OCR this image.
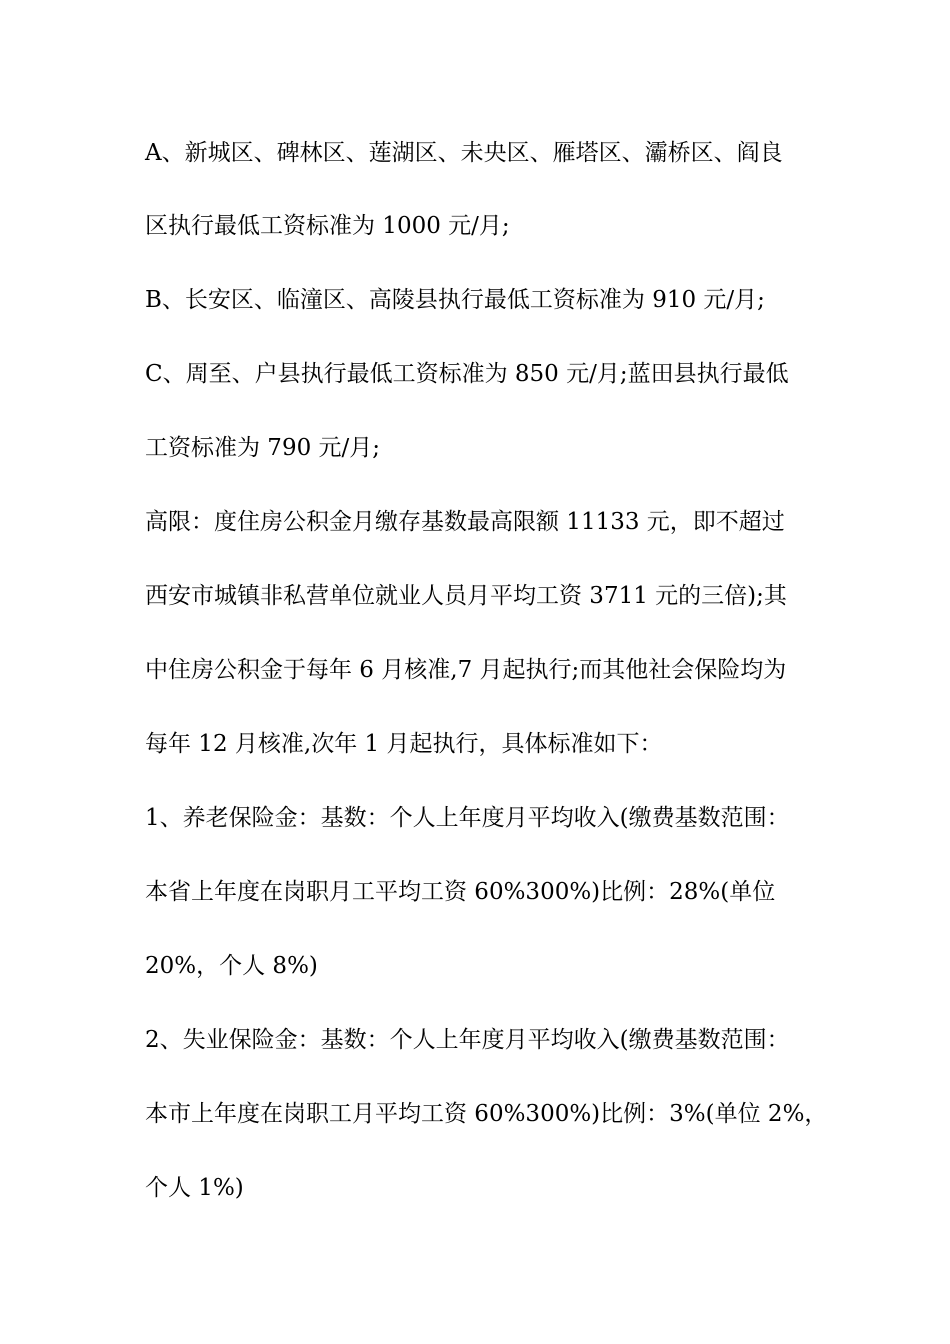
A、新城区、碑林区、莲湖区、未央区、雁塔区、灞桥区、阎良
区执行最低工资标准为 1000 元/月;
B、长安区、临潼区、高陵县执行最低工资标准为 910 元/月;
C、周至、户县执行最低工资标准为 850 元/月;蓝田县执行最低
工资标准为 790 元/月;
高限：度住房公积金月缴存基数最高限额 11133 元，即不超过
西安市城镇非私营单位就业人员月平均工资 3711 元的三倍);其
中住房公积金于每年 6 月核准,7 月起执行;而其他社会保险均为
每年 12 月核准,次年 1 月起执行，具体标准如下：
1、养老保险金：基数：个人上年度月平均收入(缴费基数范围：
本省上年度在岗职月工平均工资 60%300%)比例：28%(单位
20%，个人 8%)
2、失业保险金：基数：个人上年度月平均收入(缴费基数范围：
本市上年度在岗职工月平均工资 60%300%)比例：3%(单位 2%，
个人 1%)
